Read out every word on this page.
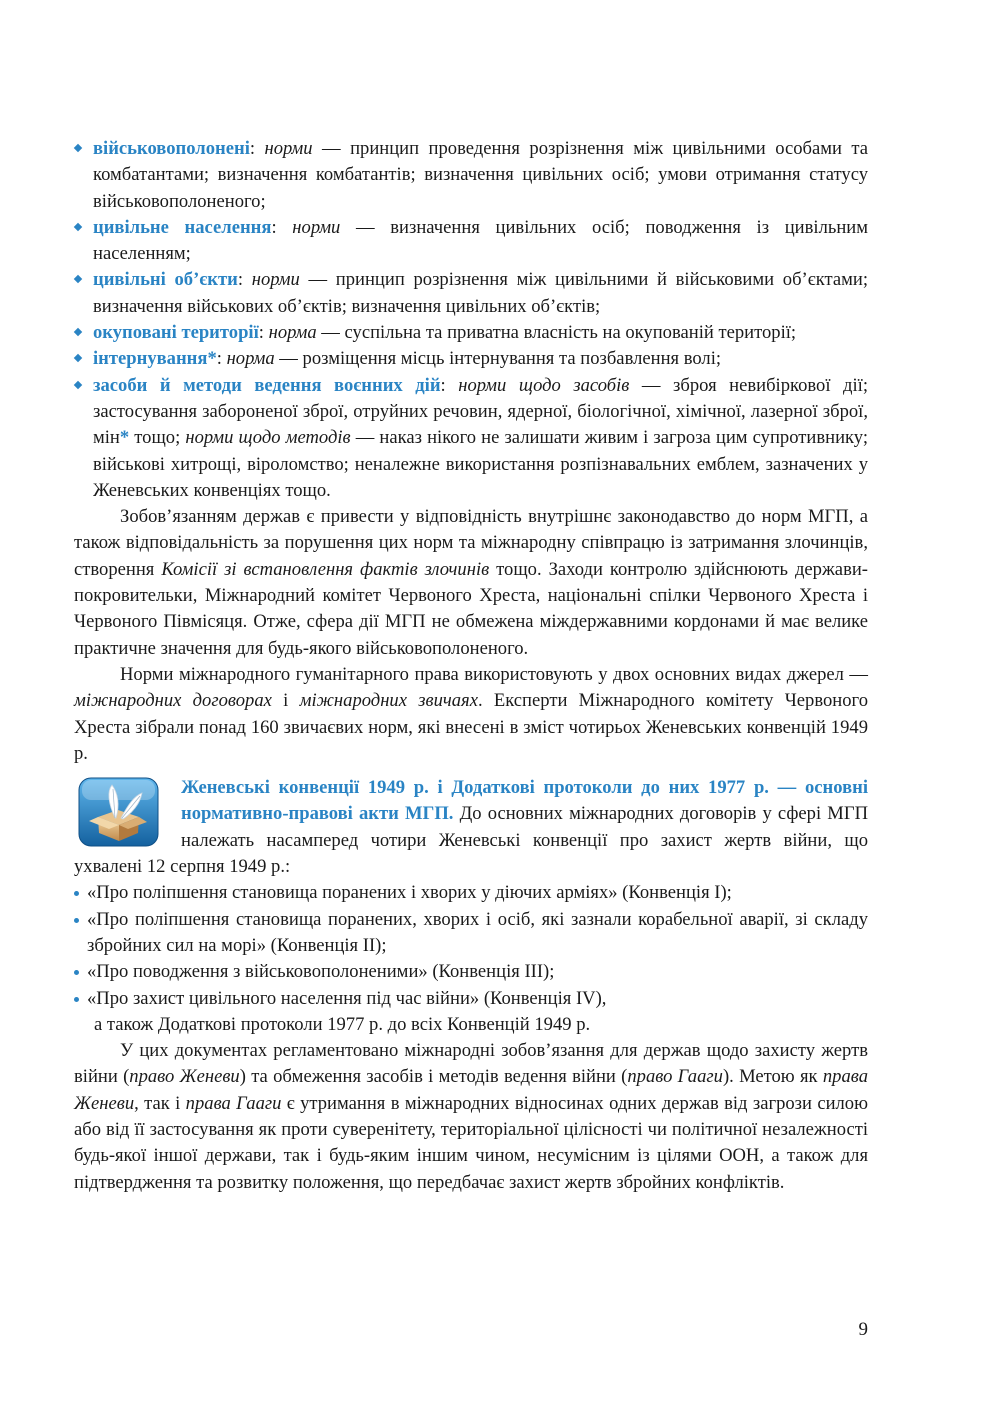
військовополонені: норми — принцип проведення розрізнення між цивільними особами та комбатантами; визначення комбатантів; визначення цивільних осіб; умови отримання статусу військовополоненого;
цивільне населення: норми — визначення цивільних осіб; поводження із цивільним населенням;
цивільні об’єкти: норми — принцип розрізнення між цивільними й військовими об’єктами; визначення військових об’єктів; визначення цивільних об’єктів;
окуповані території: норма — суспільна та приватна власність на окупованій території;
інтернування*: норма — розміщення місць інтернування та позбавлення волі;
засоби й методи ведення воєнних дій: норми щодо засобів — зброя невибіркової дії; застосування забороненої зброї, отруйних речовин, ядерної, біологічної, хімічної, лазерної зброї, мін* тощо; норми щодо методів — наказ нікого не залишати живим і загроза цим супротивнику; військові хитрощі, віроломство; неналежне використання розпізнавальних емблем, зазначених у Женевських конвенціях тощо.
Зобов’язанням держав є привести у відповідність внутрішнє законодавство до норм МГП, а також відповідальність за порушення цих норм та міжнародну співпрацю із затримання злочинців, створення Комісії зі встановлення фактів злочинів тощо. Заходи контролю здійснюють держави-покровительки, Міжнародний комітет Червоного Хреста, національні спілки Червоного Хреста і Червоного Півмісяця. Отже, сфера дії МГП не обмежена міждержавними кордонами й має велике практичне значення для будь-якого військовополоненого.
Норми міжнародного гуманітарного права використовують у двох основних видах джерел — міжнародних договорах і міжнародних звичаях. Експерти Міжнародного комітету Червоного Хреста зібрали понад 160 звичаєвих норм, які внесені в зміст чотирьох Женевських конвенцій 1949 р.
Женевські конвенції 1949 р. і Додаткові протоколи до них 1977 р. — основні нормативно-правові акти МГП. До основних міжнародних договорів у сфері МГП належать насамперед чотири Женевські конвенції про захист жертв війни, що ухвалені 12 серпня 1949 р.:
«Про поліпшення становища поранених і хворих у діючих арміях» (Конвенція І);
«Про поліпшення становища поранених, хворих і осіб, які зазнали корабельної аварії, зі складу збройних сил на морі» (Конвенція ІІ);
«Про поводження з військовополоненими» (Конвенція ІІІ);
«Про захист цивільного населення під час війни» (Конвенція IV),
а також Додаткові протоколи 1977 р. до всіх Конвенцій 1949 р.
У цих документах регламентовано міжнародні зобов’язання для держав щодо захисту жертв війни (право Женеви) та обмеження засобів і методів ведення війни (право Гааги). Метою як права Женеви, так і права Гааги є утримання в міжнародних відносинах одних держав від загрози силою або від її застосування як проти суверенітету, територіальної цілісності чи політичної незалежності будь-якої іншої держави, так і будь-яким іншим чином, несумісним із цілями ООН, а також для підтвердження та розвитку положення, що передбачає захист жертв збройних конфліктів.
9
